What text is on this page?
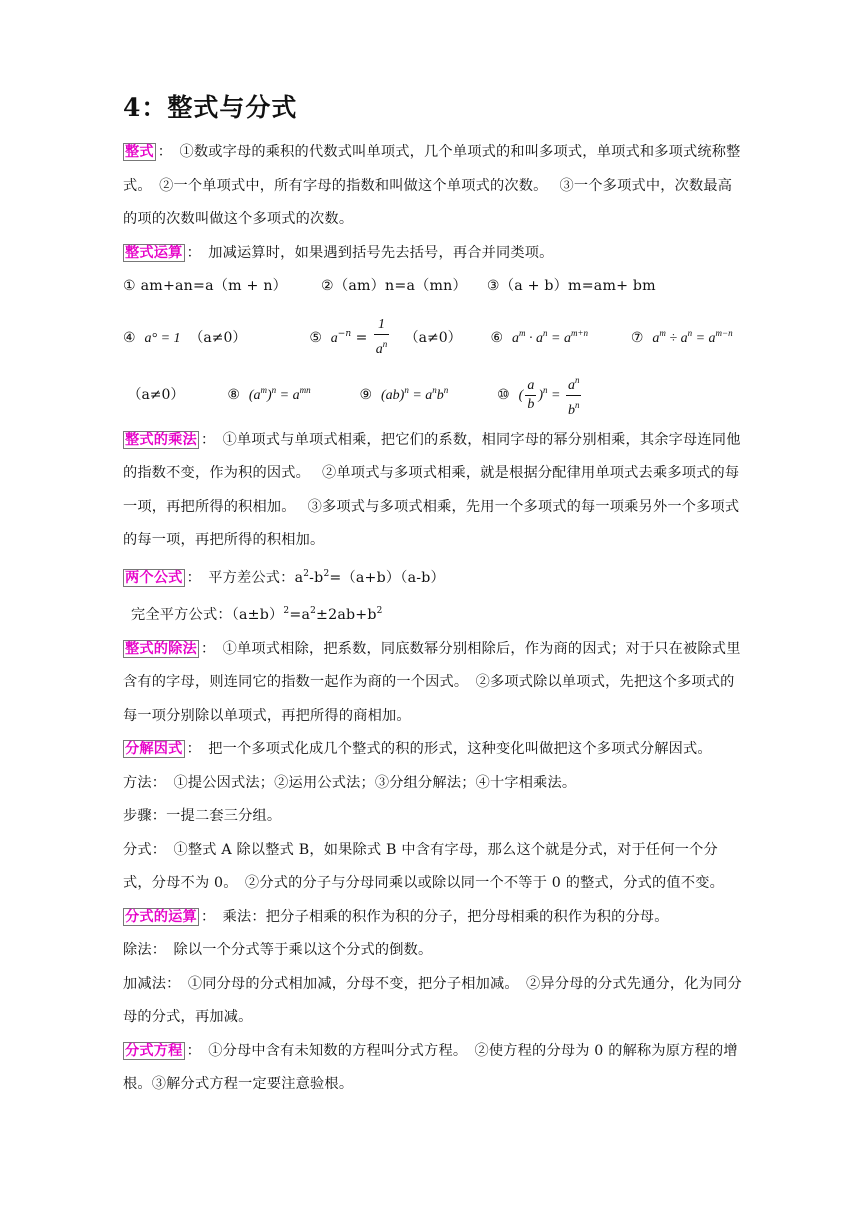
4：整式与分式

整式 ：　①数或字母的乘积的代数式叫单项式，几个单项式的和叫多项式，单项式和多项式统称整式。　②一个单项式中，所有字母的指数和叫做这个单项式的次数。　 ③一个多项式中，次数最高的项的次数叫做这个多项式的次数。

整式运算 ：　加减运算时，如果遇到括号先去括号，再合并同类项。

① am+an=a（m + n） ②（am）n=a（mn） ③（a + b）m=am+ bm

④ a° = 1 （a≠0）	⑤ $a^{-n} = \frac{1}{a^n} (a\ne 0)$ ⑥ $a^m \cdot a^n = a^{m+n}$	⑦ $a^m \div a^n = a^{m-n}$
（a≠0）	⑧ $(a^m)^n = a^{mn}$	⑨ $(ab)^n = a^nb^n$	⑩ ( $\frac{a}{b} )^n = \frac{a^n}{b^n}$

整式的乘法 ：　①单项式与单项式相乘，把它们的系数，相同字母的幂分别相乘，其余字母连同他的指数不变，作为积的因式。　 ②单项式与多项式相乘，就是根据分配律用单项式去乘多项式的每一项，再把所得的积相加。　 ③多项式与多项式相乘，先用一个多项式的每一项乘另外一个多项式的每一项，再把所得的积相加。

两个公式 ：　平方差公式：$a^2-b^2=(a+b)(a-b)$

完全平方公式：$(a\pm b)^2=a^2\pm 2ab+b^2$

整式的除法 ：　①单项式相除，把系数，同底数幂分别相除后，作为商的因式；对于只在被除式里含有的字母，则连同它的指数一起作为商的一个因式。　②多项式除以单项式，先把这个多项式的每一项分别除以单项式，再把所得的商相加。

分解因式 ：　把一个多项式化成几个整式的积的形式，这种变化叫做把这个多项式分解因式。

方法：　①提公因式法；②运用公式法；③分组分解法；④十字相乘法。

步骤：一提二套三分组。

分式：　①整式 A 除以整式 B，如果除式 B 中含有字母，那么这个就是分式，对于任何一个分式，分母不为 0。　②分式的分子与分母同乘以或除以同一个不等于 0 的整式，分式的值不变。

分式的运算 ：　乘法：把分子相乘的积作为积的分子，把分母相乘的积作为积的分母。

除法：　除以一个分式等于乘以这个分式的倒数。

加减法：　①同分母的分式相加减，分母不变，把分子相加减。　②异分母的分式先通分，化为同分母的分式，再加减。

分式方程 ：　①分母中含有未知数的方程叫分式方程。　②使方程的分母为 0 的解称为原方程的增根。③解分式方程一定要注意验根。
